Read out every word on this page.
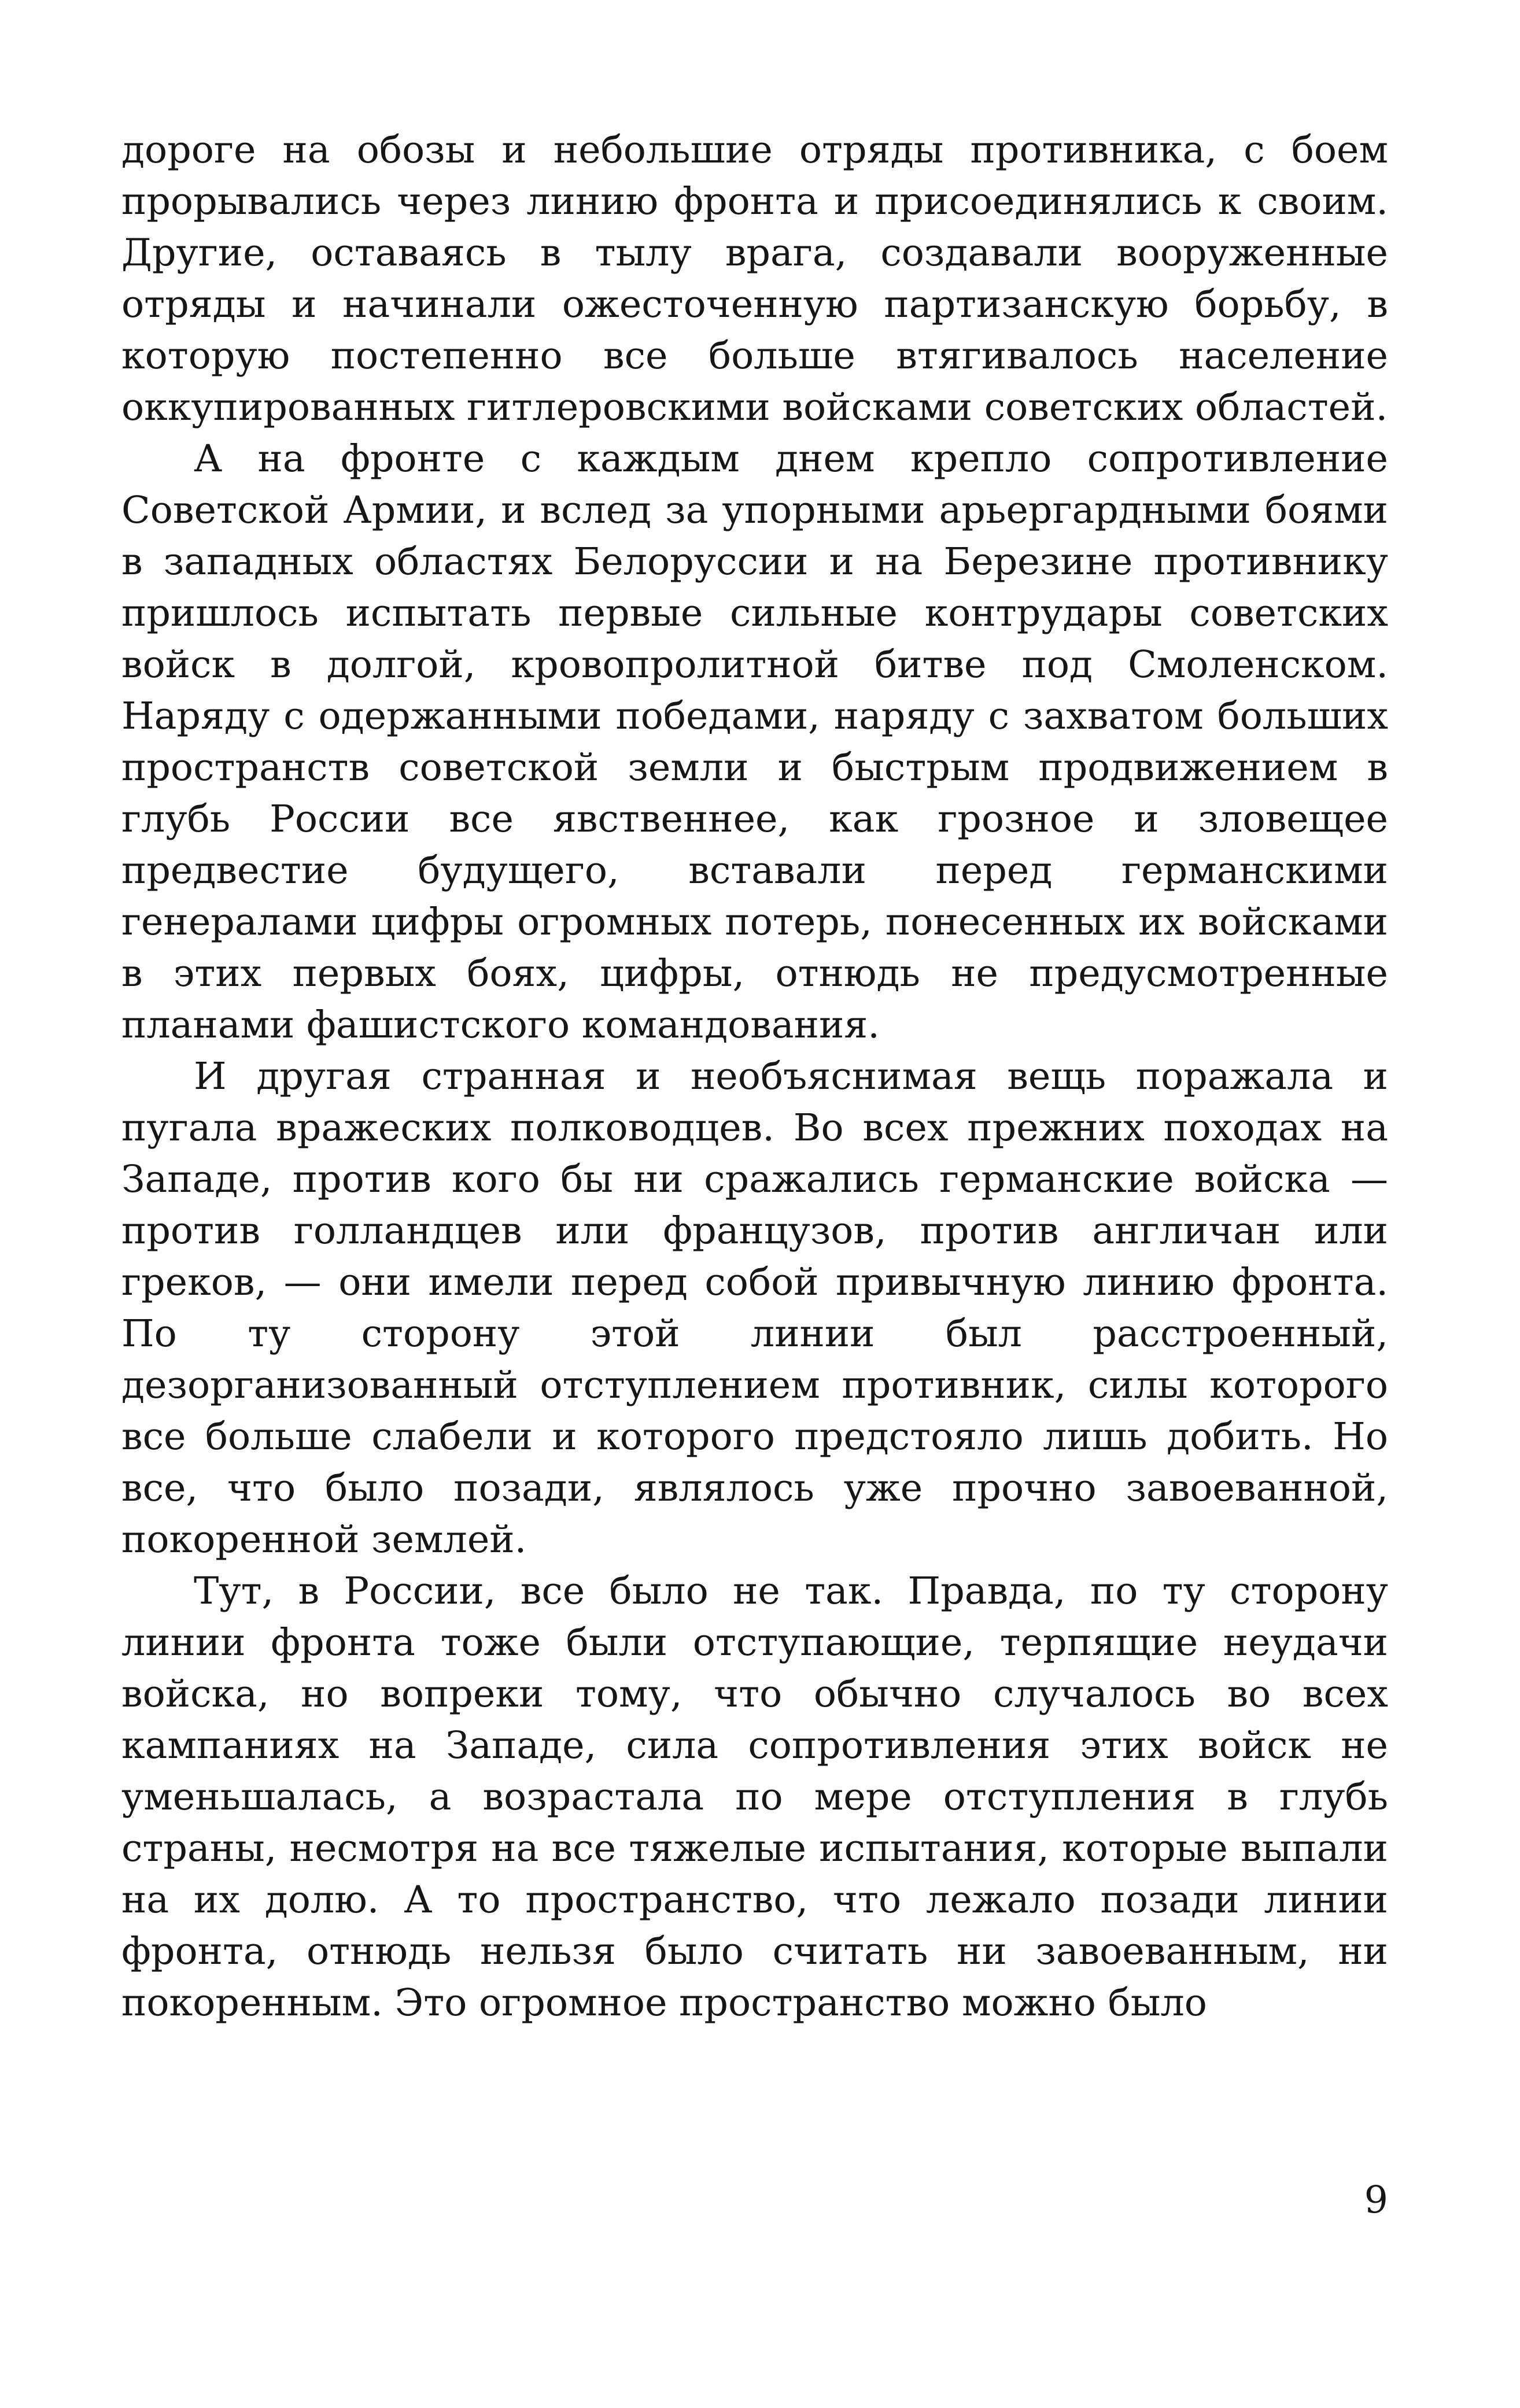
дороге на обозы и небольшие отряды противника, с боем прорывались через линию фронта и присоединялись к своим. Другие, оставаясь в тылу врага, создавали вооруженные отряды и начинали ожесточенную партизанскую борьбу, в которую постепенно все больше втягивалось население оккупированных гитлеровскими войсками советских областей.

А на фронте с каждым днем крепло сопротивление Советской Армии, и вслед за упорными арьергардными боями в западных областях Белоруссии и на Березине противнику пришлось испытать первые сильные контрудары советских войск в долгой, кровопролитной битве под Смоленском. Наряду с одержанными победами, наряду с захватом больших пространств советской земли и быстрым продвижением в глубь России все явственнее, как грозное и зловещее предвестие будущего, вставали перед германскими генералами цифры огромных потерь, понесенных их войсками в этих первых боях, цифры, отнюдь не предусмотренные планами фашистского командования.

И другая странная и необъяснимая вещь поражала и пугала вражеских полководцев. Во всех прежних походах на Западе, против кого бы ни сражались германские войска — против голландцев или французов, против англичан или греков, — они имели перед собой привычную линию фронта. По ту сторону этой линии был расстроенный, дезорганизованный отступлением противник, силы которого все больше слабели и которого предстояло лишь добить. Но все, что было позади, являлось уже прочно завоеванной, покоренной землей.

Тут, в России, все было не так. Правда, по ту сторону линии фронта тоже были отступающие, терпящие неудачи войска, но вопреки тому, что обычно случалось во всех кампаниях на Западе, сила сопротивления этих войск не уменьшалась, а возрастала по мере отступления в глубь страны, несмотря на все тяжелые испытания, которые выпали на их долю. А то пространство, что лежало позади линии фронта, отнюдь нельзя было считать ни завоеванным, ни покоренным. Это огромное пространство можно было

9
